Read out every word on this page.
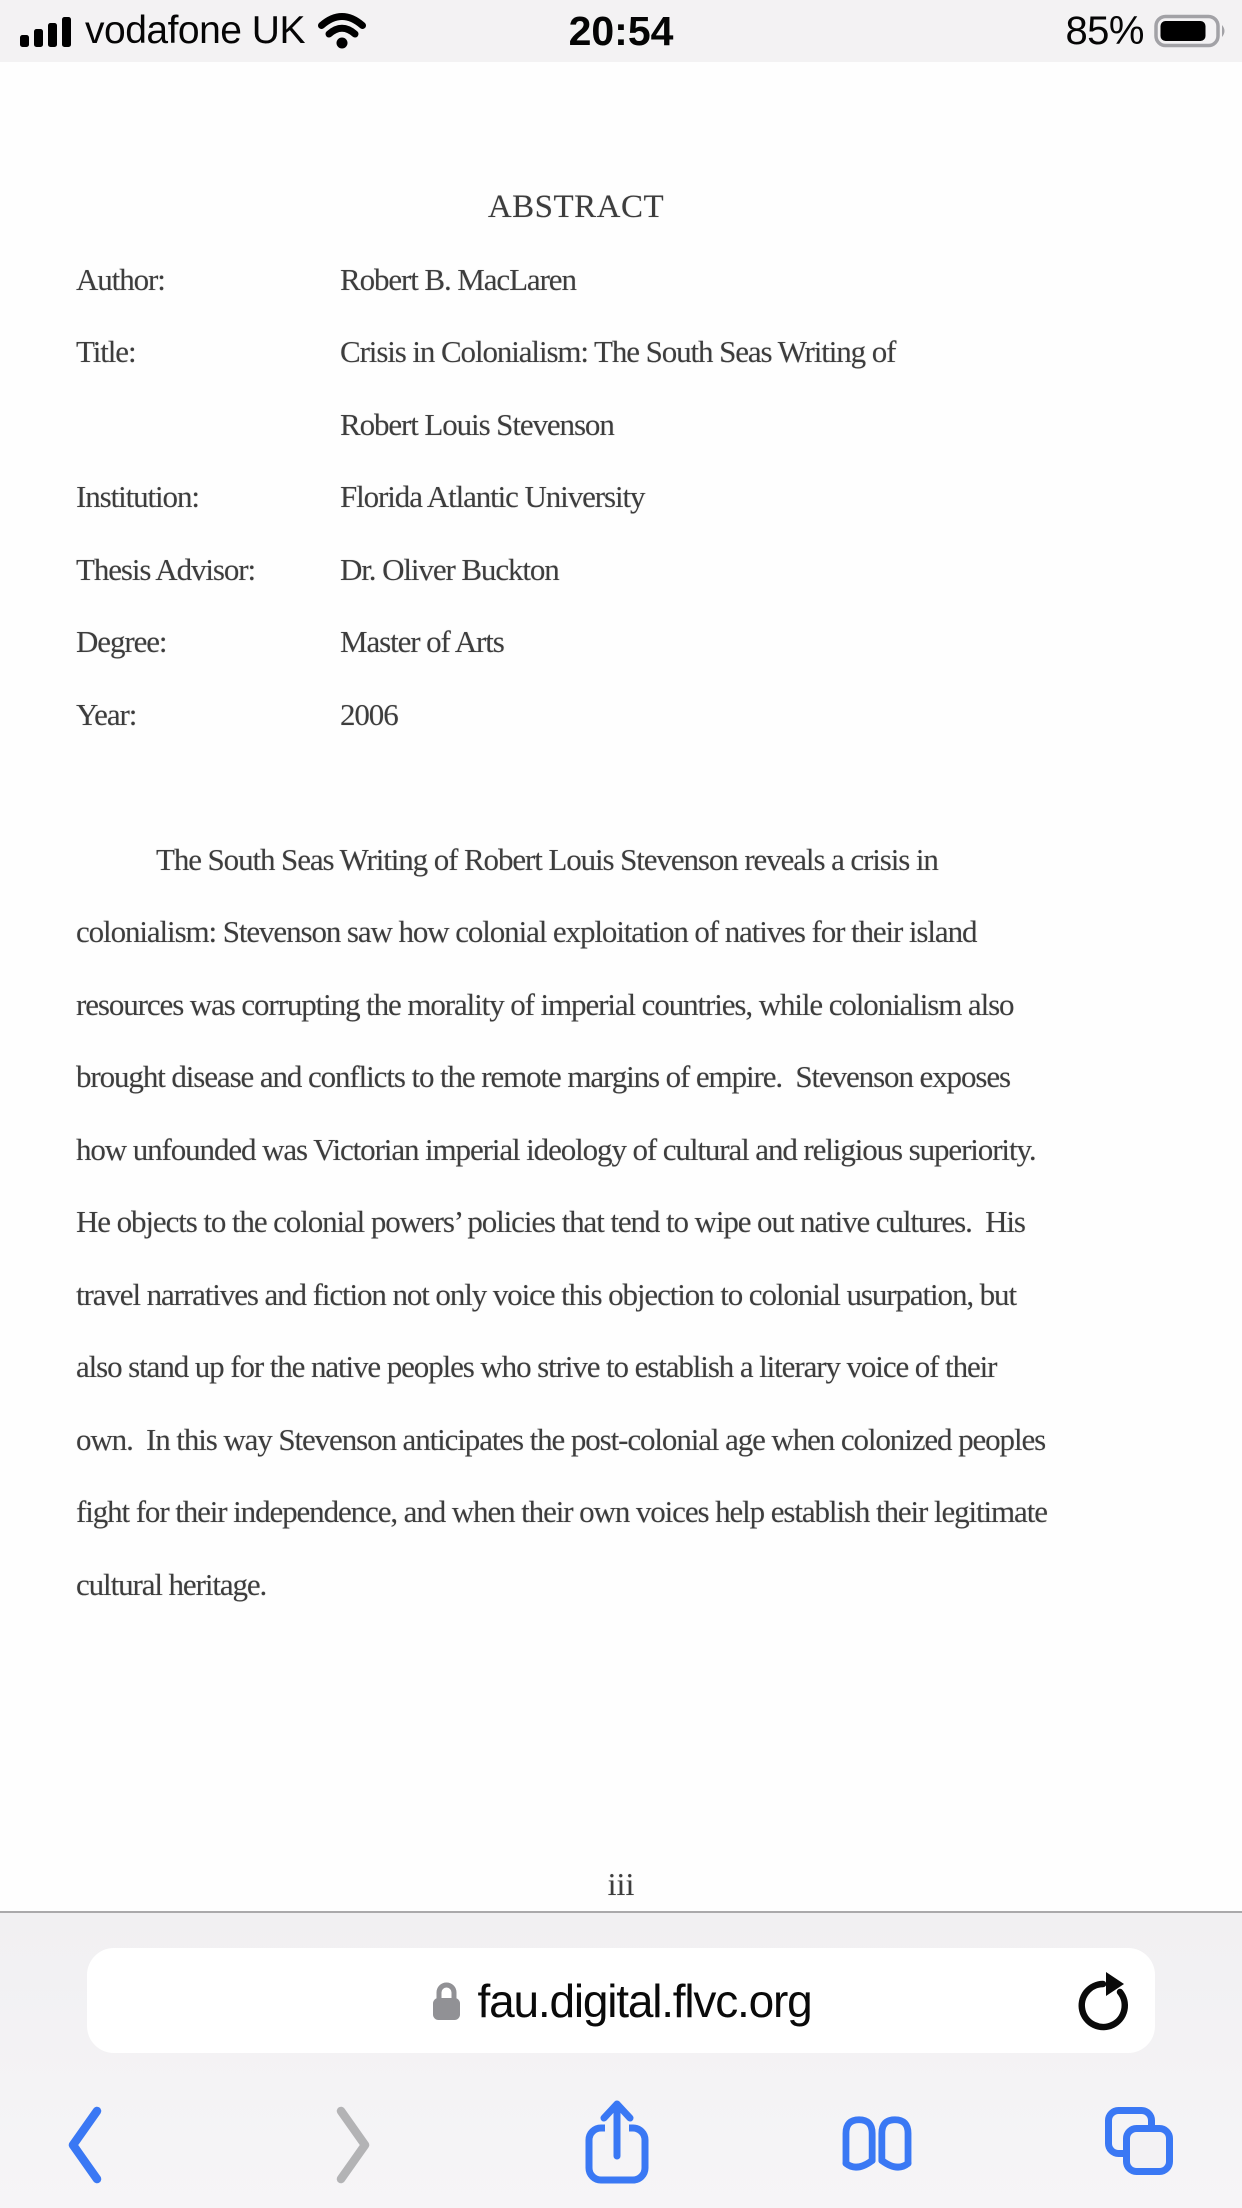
vodafone UK	20:54	85%
ABSTRACT
Author:	Robert B. MacLaren
Title:	Crisis in Colonialism: The South Seas Writing of
Robert Louis Stevenson
Institution:	Florida Atlantic University
Thesis Advisor:	Dr. Oliver Buckton
Degree:	Master of Arts
Year:	2006
The South Seas Writing of Robert Louis Stevenson reveals a crisis in
colonialism: Stevenson saw how colonial exploitation of natives for their island
resources was corrupting the morality of imperial countries, while colonialism also
brought disease and conflicts to the remote margins of empire.  Stevenson exposes
how unfounded was Victorian imperial ideology of cultural and religious superiority.
He objects to the colonial powers’ policies that tend to wipe out native cultures.  His
travel narratives and fiction not only voice this objection to colonial usurpation, but
also stand up for the native peoples who strive to establish a literary voice of their
own.  In this way Stevenson anticipates the post-colonial age when colonized peoples
fight for their independence, and when their own voices help establish their legitimate
cultural heritage.
iii
fau.digital.flvc.org
